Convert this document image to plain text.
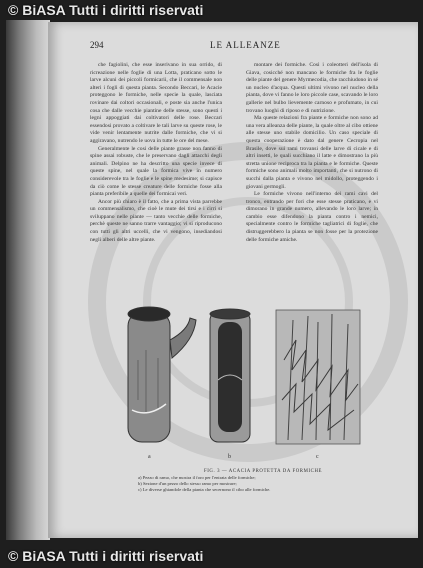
© BiASA Tutti i diritti riservati
294	LE ALLEANZE

che fagiolini, che esse inserivano in sua orrido, di ricreazione nelle foglie di una Lotta, praticano sotto le larve alcuni dei piccoli formicarii, che il commensale non alteri i fogli di questa pianta. Secondo Beccari, le Acacie proteggono le formiche, nelle specie la quale, lasciata rovinare dai coltori occasionali, e poste sia anche l'unica cosa che dalle vecchie piantine delle stesse, sono questi i legni appoggiati dai coltivatori delle rose. Beccari essendosi provato a coltivare le tali larve su queste rose, le vide venir lentamente nutrite dalle formiche, che vi si aggiravano, nutrendo le uova in tutte le ore del mese.

Generalmente le cosi delle piante grasse non fanno di spine assai robuste, che le preservano dagli attacchi degli animali. Delpino ne ha descritto una specie invece di queste spine, nel quale la formica vive in numero considerevole tra le foglie e le spine medesime; si capisce da ciò come le stesse creature delle formiche fosse alla pianta preferibile a quelle dei formicai veri.

Ancor più chiaro è il fatto, che a prima vista parrebbe un commensalismo, che cioè le mute dei tirsi e i cirri si sviluppano nelle piante — tanto vecchie delle formiche, perchè queste ne sanno trarre vantaggio; vi si riproducono con tutti gli altri uccelli, che vi vengono, insediandosi negli alberi delle altre piante.

montare dei formiche. Così i coleotteri dell'isola di Giava, cosicché non mancano le formiche fra le foglie delle piante del genere Myrmecodia, che racchiudono in sé un nucleo d'acqua. Questi ultimi vivono nel nucleo della pianta, dove vi fanno le loro piccole case, scavando le loro gallerie nel bulbo lievemente carnoso e profumato, in cui trovano luoghi di riposo e di nutrizione.

Ma queste relazioni fra piante e formiche non sono ad una vera alleanza delle piante, la quale oltre al cibo ottiene alle stesse uno stabile domicilio. Un caso speciale di questa cooperazione è dato dal genere Cecropia nel Brasile, dove sui rami trovansi delle larve di cicale e di altri insetti, le quali succhiano il latte e dimostrano la più stretta unione reciproca tra la pianta e le formiche. Queste formiche sono animali molto importanti, che si nutrono di succhi dalla pianta e vivono nel midollo, proteggendo i giovani germogli.

Le formiche vivono nell'interno dei rami cavi del tronco, entrando per fori che esse stesse praticano, e vi dimorano in grande numero, allevando le loro larve; in cambio esse difendono la pianta contro i nemici, specialmente contro le formiche tagliatrici di foglie, che distruggerebbero la pianta se non fosse per la protezione delle formiche amiche.

a	b	c
FIG. 3 — ACACIA PROTETTA DA FORMICHE
a) Pezzo di ramo, che mostra il foro per l'entrata delle formiche;
b) Sezione d'un pezzo dello stesso ramo per mostrare;
c) Le diverse ghiandole della pianta che secernono il cibo alle formiche.
© BiASA Tutti i diritti riservati
